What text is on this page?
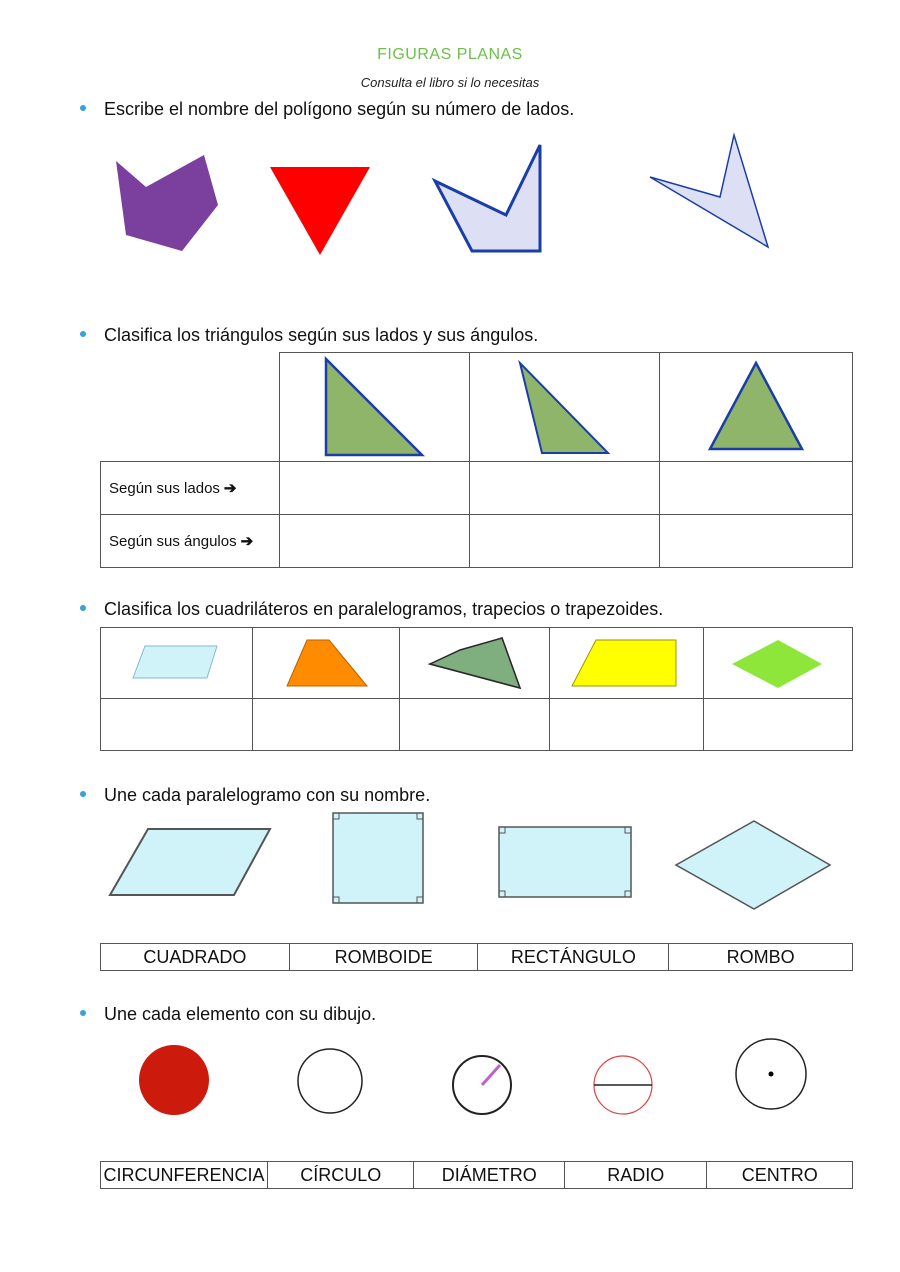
FIGURAS PLANAS
Consulta el libro si lo necesitas
Escribe el nombre del polígono según su número de lados.
Clasifica los triángulos según sus lados y sus ángulos.

Según sus lados ➔			
Según sus ángulos ➔			
Clasifica los cuadriláteros en paralelogramos, trapecios o trapezoides.

Une cada paralelogramo con su nombre.
CUADRADO	ROMBOIDE	RECTÁNGULO	ROMBO
Une cada elemento con su dibujo.
CIRCUNFERENCIA	CÍRCULO	DIÁMETRO	RADIO	CENTRO
